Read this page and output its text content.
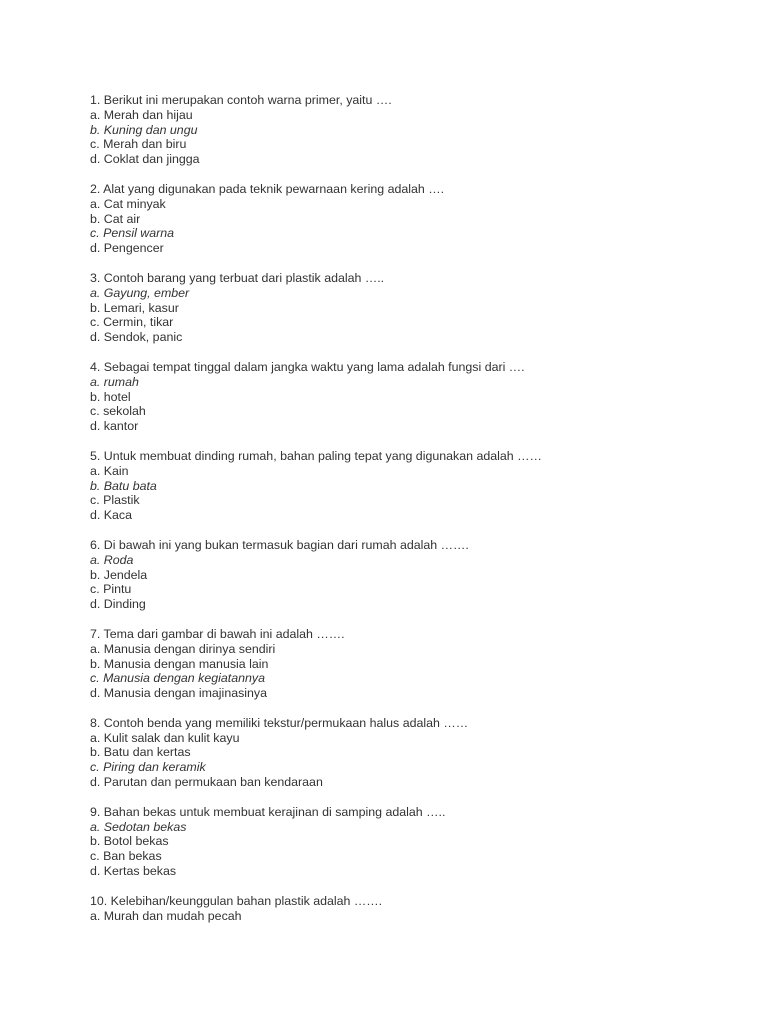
1. Berikut ini merupakan contoh warna primer, yaitu ….
a. Merah dan hijau
b. Kuning dan ungu
c. Merah dan biru
d. Coklat dan jingga
2. Alat yang digunakan pada teknik pewarnaan kering adalah ….
a. Cat minyak
b. Cat air
c. Pensil warna
d. Pengencer
3. Contoh barang yang terbuat dari plastik adalah …..
a. Gayung, ember
b. Lemari, kasur
c. Cermin, tikar
d. Sendok, panic
4. Sebagai tempat tinggal dalam jangka waktu yang lama adalah fungsi dari ….
a. rumah
b. hotel
c. sekolah
d. kantor
5. Untuk membuat dinding rumah, bahan paling tepat yang digunakan adalah ……
a. Kain
b. Batu bata
c. Plastik
d. Kaca
6. Di bawah ini yang bukan termasuk bagian dari rumah adalah …….
a. Roda
b. Jendela
c. Pintu
d. Dinding
7. Tema dari gambar di bawah ini adalah …….
a. Manusia dengan dirinya sendiri
b. Manusia dengan manusia lain
c. Manusia dengan kegiatannya
d. Manusia dengan imajinasinya
8. Contoh benda yang memiliki tekstur/permukaan halus adalah ……
a. Kulit salak dan kulit kayu
b. Batu dan kertas
c. Piring dan keramik
d. Parutan dan permukaan ban kendaraan
9. Bahan bekas untuk membuat kerajinan di samping adalah …..
a. Sedotan bekas
b. Botol bekas
c. Ban bekas
d. Kertas bekas
10. Kelebihan/keunggulan bahan plastik adalah …….
a. Murah dan mudah pecah
